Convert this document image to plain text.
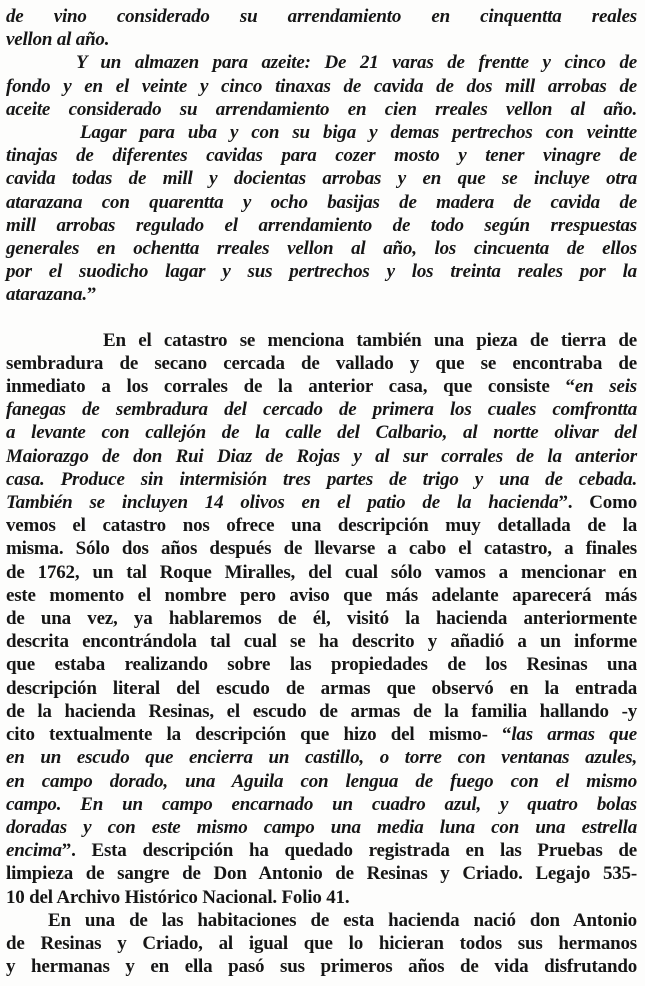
de vino considerado su arrendamiento en cinquentta reales
vellon al año.
Y un almazen para azeite: De 21 varas de frentte y cinco de
fondo y en el veinte y cinco tinaxas de cavida de dos mill arrobas de
aceite considerado su arrendamiento en cien rreales vellon al año.
Lagar para uba y con su biga y demas pertrechos con veintte
tinajas de diferentes cavidas para cozer mosto y tener vinagre de
cavida todas de mill y docientas arrobas y en que se incluye otra
atarazana con quarentta y ocho basijas de madera de cavida de
mill arrobas regulado el arrendamiento de todo según rrespuestas
generales en ochentta rreales vellon al año, los cincuenta de ellos
por el suodicho lagar y sus pertrechos y los treinta reales por la
atarazana.”
En el catastro se menciona también una pieza de tierra de
sembradura de secano cercada de vallado y que se encontraba de
inmediato a los corrales de la anterior casa, que consiste “en seis
fanegas de sembradura del cercado de primera los cuales comfrontta
a levante con callejón de la calle del Calbario, al nortte olivar del
Maiorazgo de don Rui Diaz de Rojas y al sur corrales de la anterior
casa. Produce sin intermisión tres partes de trigo y una de cebada.
También se incluyen 14 olivos en el patio de la hacienda”. Como
vemos el catastro nos ofrece una descripción muy detallada de la
misma. Sólo dos años después de llevarse a cabo el catastro, a finales
de 1762, un tal Roque Miralles, del cual sólo vamos a mencionar en
este momento el nombre pero aviso que más adelante aparecerá más
de una vez, ya hablaremos de él, visitó la hacienda anteriormente
descrita encontrándola tal cual se ha descrito y añadió a un informe
que estaba realizando sobre las propiedades de los Resinas una
descripción literal del escudo de armas que observó en la entrada
de la hacienda Resinas, el escudo de armas de la familia hallando -y
cito textualmente la descripción que hizo del mismo- “las armas que
en un escudo que encierra un castillo, o torre con ventanas azules,
en campo dorado, una Aguila con lengua de fuego con el mismo
campo. En un campo encarnado un cuadro azul, y quatro bolas
doradas y con este mismo campo una media luna con una estrella
encima”. Esta descripción ha quedado registrada en las Pruebas de
limpieza de sangre de Don Antonio de Resinas y Criado. Legajo 535-
10 del Archivo Histórico Nacional. Folio 41.
En una de las habitaciones de esta hacienda nació don Antonio
de Resinas y Criado, al igual que lo hicieran todos sus hermanos
y hermanas y en ella pasó sus primeros años de vida disfrutando
